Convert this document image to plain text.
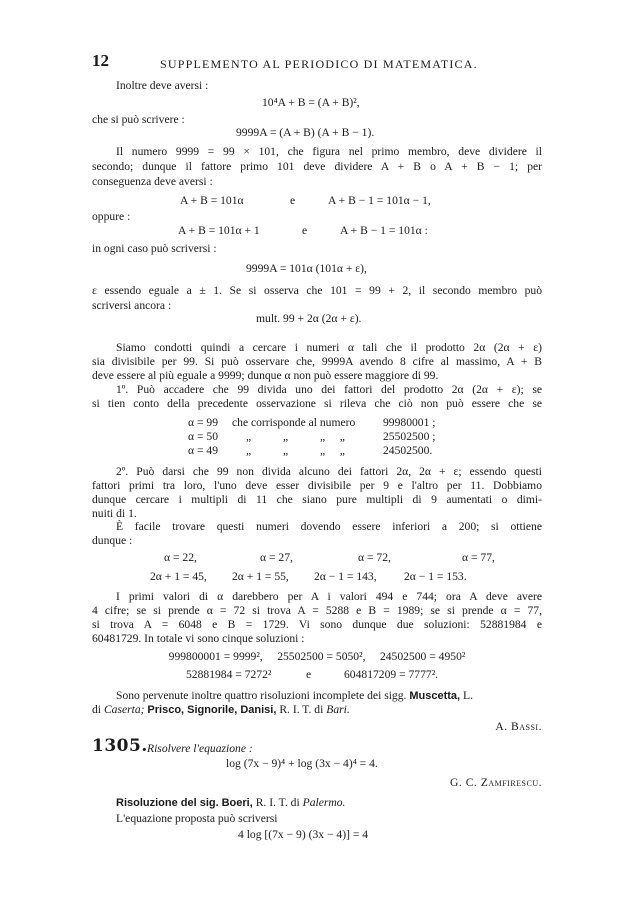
12	SUPPLEMENTO AL PERIODICO DI MATEMATICA.
Inoltre deve aversi :
10⁴A + B = (A + B)²,
che si può scrivere :
9999A = (A + B) (A + B − 1).
Il numero 9999 = 99 × 101, che figura nel primo membro, deve dividere il
secondo; dunque il fattore primo 101 deve dividere A + B o A + B − 1; per
conseguenza deve aversi :
A + B = 101α	e	A + B − 1 = 101α − 1,
oppure :
A + B = 101α + 1	e	A + B − 1 = 101α :
in ogni caso può scriversi :
9999A = 101α (101α + ε),
ε essendo eguale a ± 1. Se si osserva che 101 = 99 + 2, il secondo membro può
scriversi ancora :
mult. 99 + 2α (2α + ε).
Siamo condotti quindi a cercare i numeri α tali che il prodotto 2α (2α + ε)
sia divisibile per 99. Si può osservare che, 9999A avendo 8 cifre al massimo, A + B
deve essere al più eguale a 9999; dunque α non può essere maggiore di 99.
1º. Può accadere che 99 divida uno dei fattori del prodotto 2α (2α + ε); se
si tien conto della precedente osservazione si rileva che ciò non può essere che se
α = 99 che corrisponde al numero 99980001 ;
α = 50 „           „           „     „	25502500 ;
α = 49 „           „           „     „	24502500.
2º. Può darsi che 99 non divida alcuno dei fattori 2α, 2α + ε; essendo questi
fattori primi tra loro, l'uno deve esser divisibile per 9 e l'altro per 11. Dobbiamo
dunque cercare i multipli di 11 che siano pure multipli di 9 aumentati o dimi-
nuiti di 1.
È facile trovare questi numeri dovendo essere inferiori a 200; si ottiene
dunque :
α = 22,	α = 27,	α = 72,	α = 77,
2α + 1 = 45, 2α + 1 = 55, 2α − 1 = 143, 2α − 1 = 153.
I primi valori di α darebbero per A i valori 494 e 744; ora A deve avere
4 cifre; se si prende α = 72 si trova A = 5288 e B = 1989; se si prende α = 77,
si trova A = 6048 e B = 1729. Vi sono dunque due soluzioni: 52881984 e
60481729. In totale vi sono cinque soluzioni :
999800001 = 9999²,     25502500 = 5050²,     24502500 = 4950²
52881984 = 7272²	e	604817209 = 7777².
Sono pervenute inoltre quattro risoluzioni incomplete dei sigg. Muscetta, L.
di Caserta; Prisco, Signorile, Danisi, R. I. T. di Bari.
A. Bassi.
1305. Risolvere l'equazione :
log (7x − 9)⁴ + log (3x − 4)⁴ = 4.
G. C. Zamfirescu.
Risoluzione del sig. Boeri, R. I. T. di Palermo.
L'equazione proposta può scriversi
4 log [(7x − 9) (3x − 4)] = 4
